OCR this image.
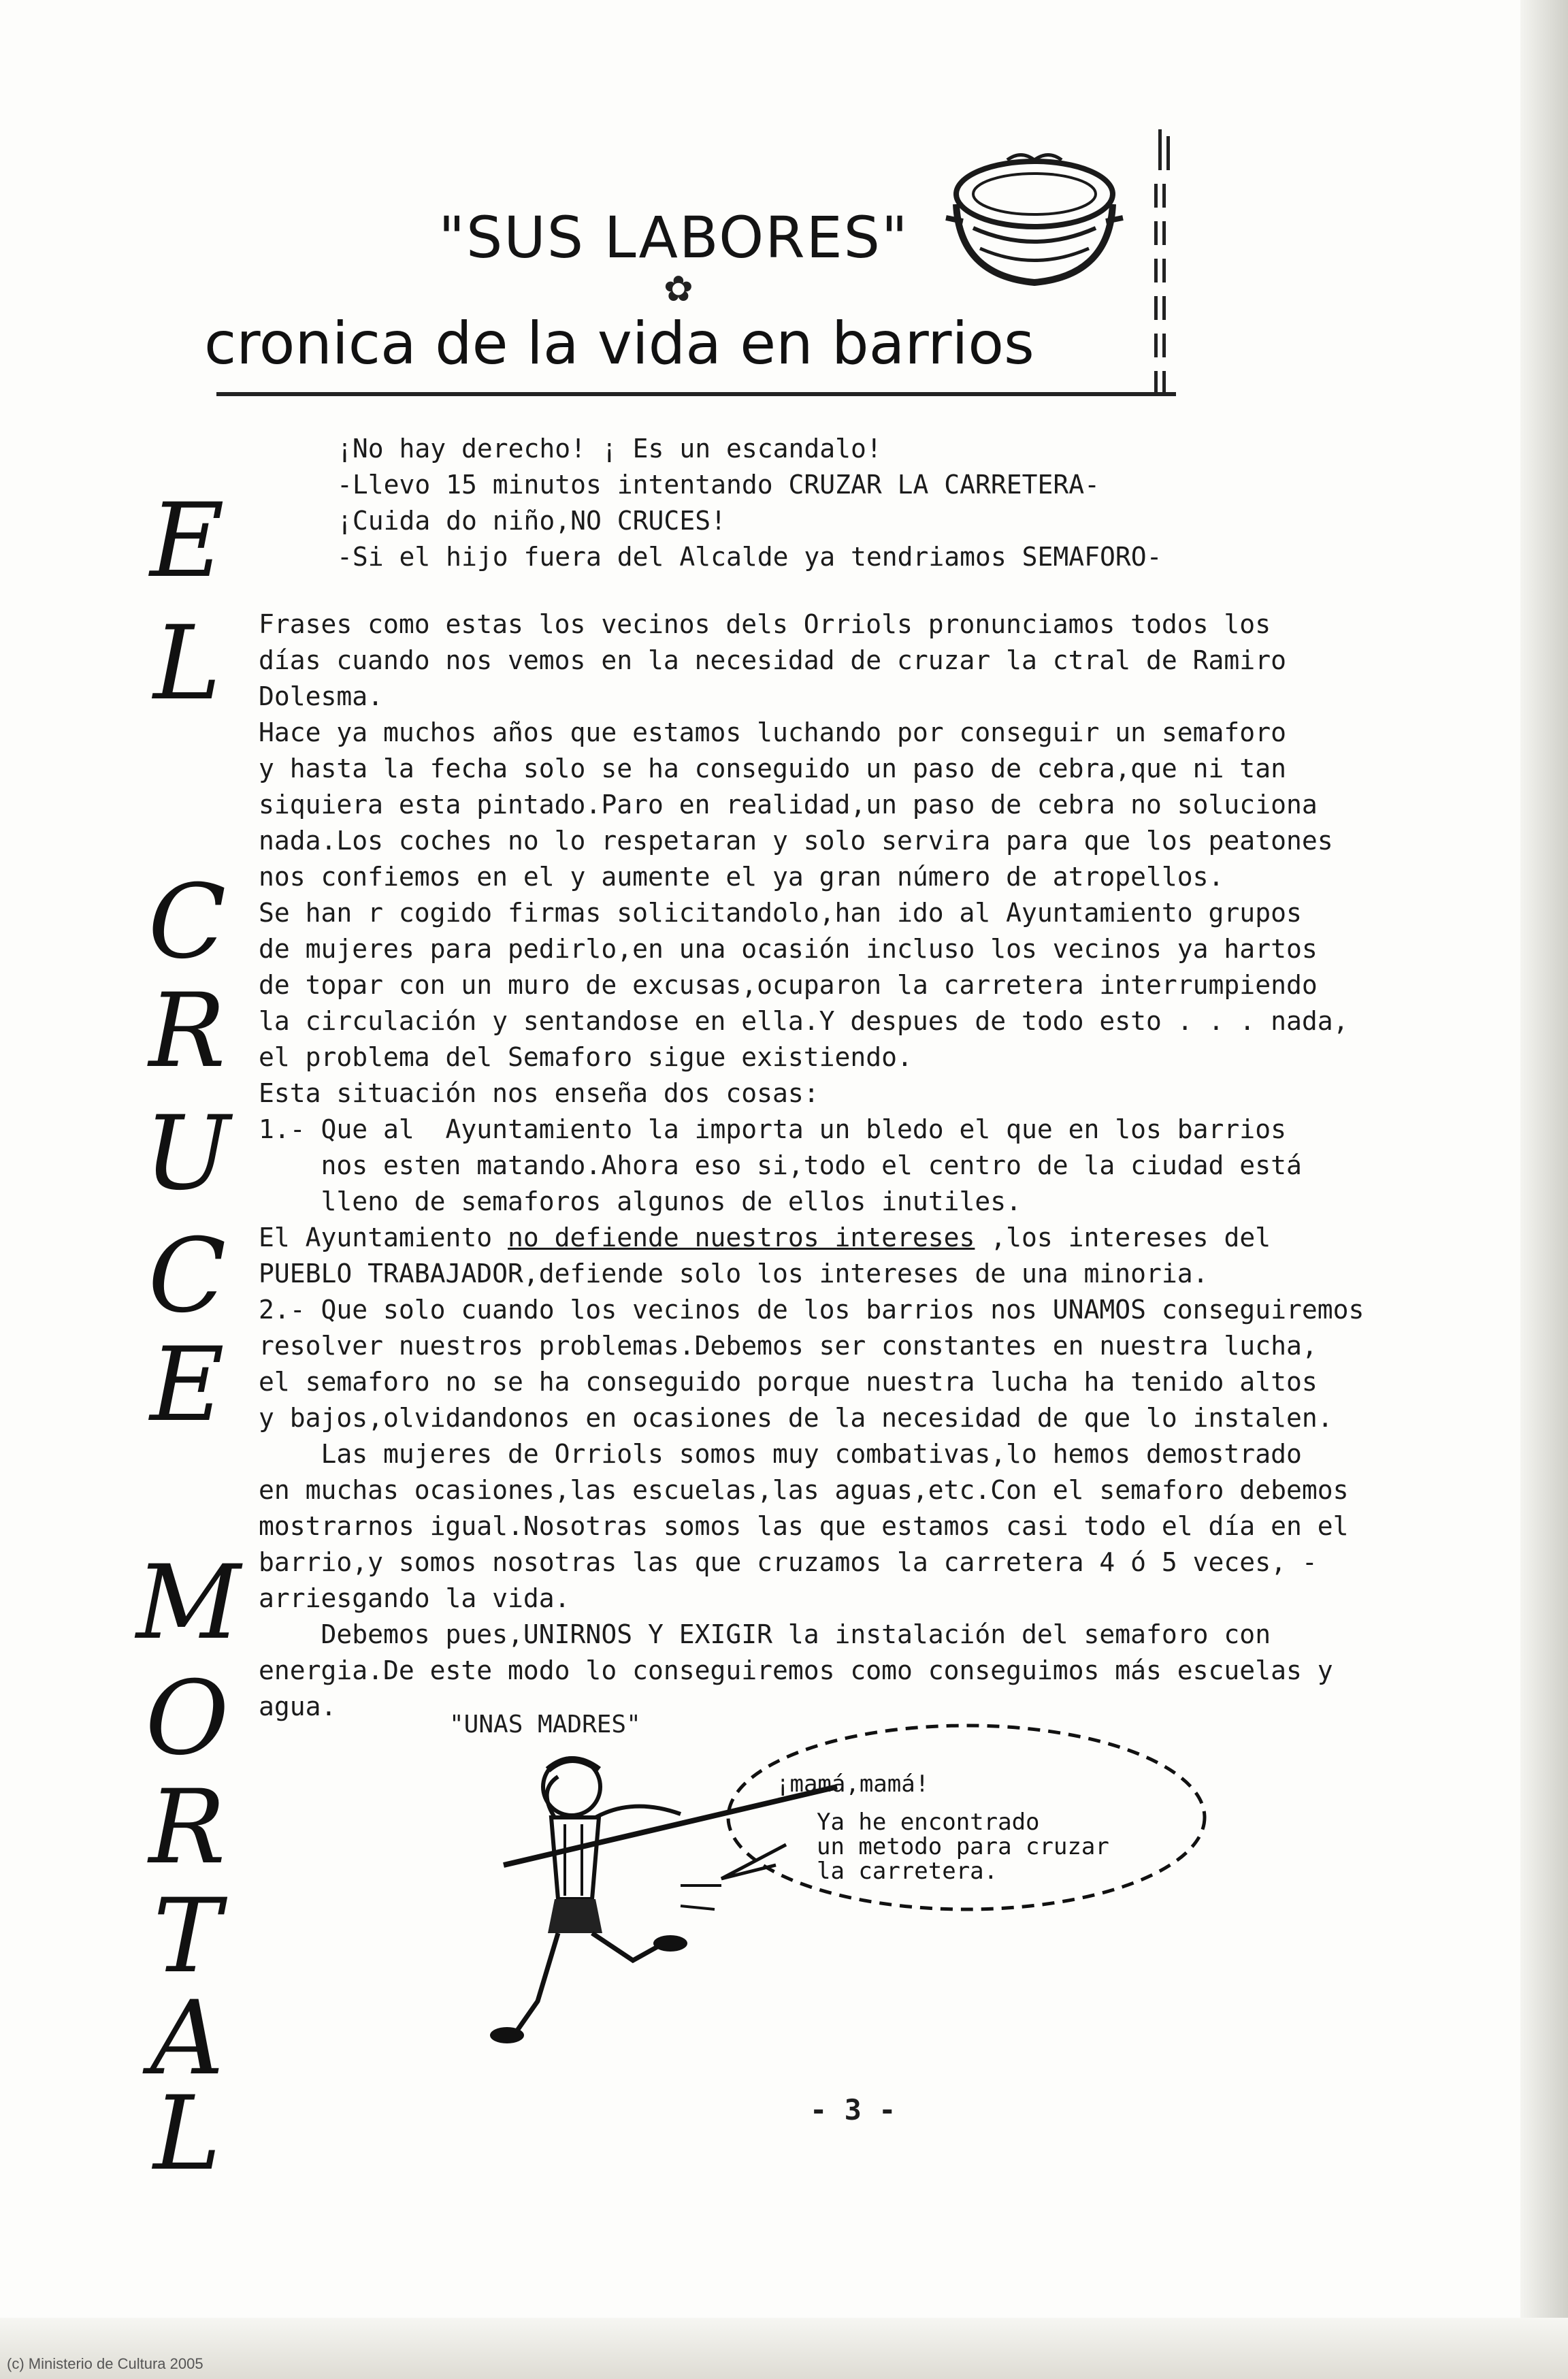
"SUS LABORES"
✿
cronica de la vida en barrios
E
L
C
R
U
C
E
M
O
R
T
A
L
¡No hay derecho! ¡ Es un escandalo!
-Llevo 15 minutos intentando CRUZAR LA CARRETERA-
¡Cuida do niño,NO CRUCES!
-Si el hijo fuera del Alcalde ya tendriamos SEMAFORO-
Frases como estas los vecinos dels Orriols pronunciamos todos los
días cuando nos vemos en la necesidad de cruzar la ctral de Ramiro
Dolesma.
Hace ya muchos años que estamos luchando por conseguir un semaforo
y hasta la fecha solo se ha conseguido un paso de cebra,que ni tan
siquiera esta pintado.Paro en realidad,un paso de cebra no soluciona
nada.Los coches no lo respetaran y solo servira para que los peatones
nos confiemos en el y aumente el ya gran número de atropellos.
Se han r cogido firmas solicitandolo,han ido al Ayuntamiento grupos
de mujeres para pedirlo,en una ocasión incluso los vecinos ya hartos
de topar con un muro de excusas,ocuparon la carretera interrumpiendo
la circulación y sentandose en ella.Y despues de todo esto . . . nada,
el problema del Semaforo sigue existiendo.
Esta situación nos enseña dos cosas:
1.- Que al  Ayuntamiento la importa un bledo el que en los barrios
nos esten matando.Ahora eso si,todo el centro de la ciudad está
lleno de semaforos algunos de ellos inutiles.
El Ayuntamiento no defiende nuestros intereses ,los intereses del
PUEBLO TRABAJADOR,defiende solo los intereses de una minoria.
2.- Que solo cuando los vecinos de los barrios nos UNAMOS conseguiremos
resolver nuestros problemas.Debemos ser constantes en nuestra lucha,
el semaforo no se ha conseguido porque nuestra lucha ha tenido altos
y bajos,olvidandonos en ocasiones de la necesidad de que lo instalen.
Las mujeres de Orriols somos muy combativas,lo hemos demostrado
en muchas ocasiones,las escuelas,las aguas,etc.Con el semaforo debemos
mostrarnos igual.Nosotras somos las que estamos casi todo el día en el
barrio,y somos nosotras las que cruzamos la carretera 4 ó 5 veces, -
arriesgando la vida.
Debemos pues,UNIRNOS Y EXIGIR la instalación del semaforo con
energia.De este modo lo conseguiremos como conseguimos más escuelas y
agua.
"UNAS MADRES"
¡mamá,mamá!
Ya he encontrado
un metodo para cruzar
la carretera.
- 3 -
(c) Ministerio de Cultura 2005
